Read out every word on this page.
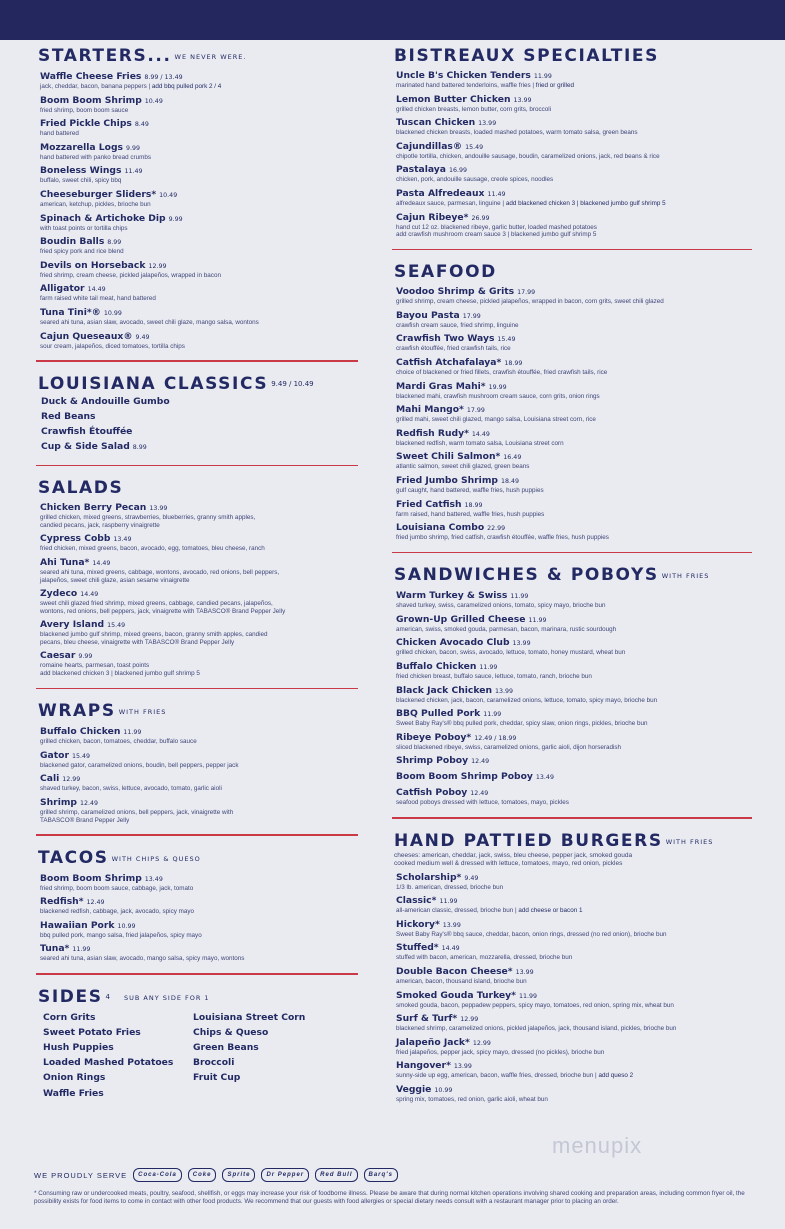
STARTERS... $^{WE NEVER WERE.}$
Waffle Cheese Fries 8.99 / 13.49
jack, cheddar, bacon, banana peppers | add bbq pulled pork 2 / 4
Boom Boom Shrimp 10.49
fried shrimp, boom boom sauce
Fried Pickle Chips 8.49
hand battered
Mozzarella Logs 9.99
hand battered with panko bread crumbs
Boneless Wings 11.49
buffalo, sweet chili, spicy bbq
Cheeseburger Sliders* 10.49
american, ketchup, pickles, brioche bun
Spinach & Artichoke Dip 9.99
with toast points or tortilla chips
Boudin Balls 8.99
fried spicy pork and rice blend
Devils on Horseback 12.99
fried shrimp, cream cheese, pickled jalapeños, wrapped in bacon
Alligator 14.49
farm raised white tail meat, hand battered
Tuna Tini*® 10.99
seared ahi tuna, asian slaw, avocado, sweet chili glaze, mango salsa, wontons
Cajun Queseaux® 9.49
sour cream, jalapeños, diced tomatoes, tortilla chips
LOUISIANA CLASSICS 9.49 / 10.49
Duck & Andouille Gumbo
Red Beans
Crawfish Étouffée
Cup & Side Salad 8.99
SALADS
Chicken Berry Pecan 13.99
grilled chicken, mixed greens, strawberries, blueberries, granny smith apples,
candied pecans, jack, raspberry vinaigrette
Cypress Cobb 13.49
fried chicken, mixed greens, bacon, avocado, egg, tomatoes, bleu cheese, ranch
Ahi Tuna* 14.49
seared ahi tuna, mixed greens, cabbage, wontons, avocado, red onions, bell peppers,
jalapeños, sweet chili glaze, asian sesame vinaigrette
Zydeco 14.49
sweet chili glazed fried shrimp, mixed greens, cabbage, candied pecans, jalapeños,
wontons, red onions, bell peppers, jack, vinaigrette with TABASCO® Brand Pepper Jelly
Avery Island 15.49
blackened jumbo gulf shrimp, mixed greens, bacon, granny smith apples, candied
pecans, bleu cheese, vinaigrette with TABASCO® Brand Pepper Jelly
Caesar 9.99
romaine hearts, parmesan, toast points
add blackened chicken 3 | blackened jumbo gulf shrimp 5
WRAPS $^{WITH FRIES}$
Buffalo Chicken 11.99
grilled chicken, bacon, tomatoes, cheddar, buffalo sauce
Gator 15.49
blackened gator, caramelized onions, boudin, bell peppers, pepper jack
Cali 12.99
shaved turkey, bacon, swiss, lettuce, avocado, tomato, garlic aioli
Shrimp 12.49
grilled shrimp, caramelized onions, bell peppers, jack, vinaigrette with
TABASCO® Brand Pepper Jelly
TACOS $^{WITH CHIPS \& QUESO}$
Boom Boom Shrimp 13.49
fried shrimp, boom boom sauce, cabbage, jack, tomato
Redfish* 12.49
blackened redfish, cabbage, jack, avocado, spicy mayo
Hawaiian Pork 10.99
bbq pulled pork, mango salsa, fried jalapeños, spicy mayo
Tuna* 11.99
seared ahi tuna, asian slaw, avocado, mango salsa, spicy mayo, wontons
SIDES 4 $^{SUB ANY SIDE FOR 1}$
Corn Grits	Louisiana Street Corn
Sweet Potato Fries	Chips & Queso
Hush Puppies	Green Beans
Loaded Mashed Potatoes	Broccoli
Onion Rings	Fruit Cup
Waffle Fries
BISTREAUX SPECIALTIES
Uncle B's Chicken Tenders 11.99
marinated hand battered tenderloins, waffle fries | fried or grilled
Lemon Butter Chicken 13.99
grilled chicken breasts, lemon butter, corn grits, broccoli
Tuscan Chicken 13.99
blackened chicken breasts, loaded mashed potatoes, warm tomato salsa, green beans
Cajundillas® 15.49
chipotle tortilla, chicken, andouille sausage, boudin, caramelized onions, jack, red beans & rice
Pastalaya 16.99
chicken, pork, andouille sausage, creole spices, noodles
Pasta Alfredeaux 11.49
alfredeaux sauce, parmesan, linguine | add blackened chicken 3 | blackened jumbo gulf shrimp 5
Cajun Ribeye* 26.99
hand cut 12 oz. blackened ribeye, garlic butter, loaded mashed potatoes
add crawfish mushroom cream sauce 3 | blackened jumbo gulf shrimp 5
SEAFOOD
Voodoo Shrimp & Grits 17.99
grilled shrimp, cream cheese, pickled jalapeños, wrapped in bacon, corn grits, sweet chili glazed
Bayou Pasta 17.99
crawfish cream sauce, fried shrimp, linguine
Crawfish Two Ways 15.49
crawfish étouffée, fried crawfish tails, rice
Catfish Atchafalaya* 18.99
choice of blackened or fried fillets, crawfish étouffée, fried crawfish tails, rice
Mardi Gras Mahi* 19.99
blackened mahi, crawfish mushroom cream sauce, corn grits, onion rings
Mahi Mango* 17.99
grilled mahi, sweet chili glazed, mango salsa, Louisiana street corn, rice
Redfish Rudy* 14.49
blackened redfish, warm tomato salsa, Louisiana street corn
Sweet Chili Salmon* 16.49
atlantic salmon, sweet chili glazed, green beans
Fried Jumbo Shrimp 18.49
gulf caught, hand battered, waffle fries, hush puppies
Fried Catfish 18.99
farm raised, hand battered, waffle fries, hush puppies
Louisiana Combo 22.99
fried jumbo shrimp, fried catfish, crawfish étouffée, waffle fries, hush puppies
SANDWICHES & POBOYS $^{WITH FRIES}$
Warm Turkey & Swiss 11.99
shaved turkey, swiss, caramelized onions, tomato, spicy mayo, brioche bun
Grown-Up Grilled Cheese 11.99
american, swiss, smoked gouda, parmesan, bacon, marinara, rustic sourdough
Chicken Avocado Club 13.99
grilled chicken, bacon, swiss, avocado, lettuce, tomato, honey mustard, wheat bun
Buffalo Chicken 11.99
fried chicken breast, buffalo sauce, lettuce, tomato, ranch, brioche bun
Black Jack Chicken 13.99
blackened chicken, jack, bacon, caramelized onions, lettuce, tomato, spicy mayo, brioche bun
BBQ Pulled Pork 11.99
Sweet Baby Ray's® bbq pulled pork, cheddar, spicy slaw, onion rings, pickles, brioche bun
Ribeye Poboy* 12.49 / 18.99
sliced blackened ribeye, swiss, caramelized onions, garlic aioli, dijon horseradish
Shrimp Poboy 12.49
Boom Boom Shrimp Poboy 13.49
Catfish Poboy 12.49
seafood poboys dressed with lettuce, tomatoes, mayo, pickles
HAND PATTIED BURGERS $^{WITH FRIES}$
cheeses: american, cheddar, jack, swiss, bleu cheese, pepper jack, smoked gouda
cooked medium well & dressed with lettuce, tomatoes, mayo, red onion, pickles
Scholarship* 9.49
1/3 lb. american, dressed, brioche bun
Classic* 11.99
all-american classic, dressed, brioche bun | add cheese or bacon 1
Hickory* 13.99
Sweet Baby Ray's® bbq sauce, cheddar, bacon, onion rings, dressed (no red onion), brioche bun
Stuffed* 14.49
stuffed with bacon, american, mozzarella, dressed, brioche bun
Double Bacon Cheese* 13.99
american, bacon, thousand island, brioche bun
Smoked Gouda Turkey* 11.99
smoked gouda, bacon, peppadew peppers, spicy mayo, tomatoes, red onion, spring mix, wheat bun
Surf & Turf* 12.99
blackened shrimp, caramelized onions, pickled jalapeños, jack, thousand island, pickles, brioche bun
Jalapeño Jack* 12.99
fried jalapeños, pepper jack, spicy mayo, dressed (no pickles), brioche bun
Hangover* 13.99
sunny-side up egg, american, bacon, waffle fries, dressed, brioche bun | add queso 2
Veggie 10.99
spring mix, tomatoes, red onion, garlic aioli, wheat bun
menupix
WE PROUDLY SERVE	Coca-Cola	Coke	Sprite	Dr Pepper	Red Bull	Barq's
* Consuming raw or undercooked meats, poultry, seafood, shellfish, or eggs may increase your risk of foodborne illness. Please be aware that during normal kitchen operations involving shared cooking and preparation areas, including common fryer oil, the possibility exists for food items to come in contact with other food products. We recommend that our guests with food allergies or special dietary needs consult with a restaurant manager prior to placing an order.
